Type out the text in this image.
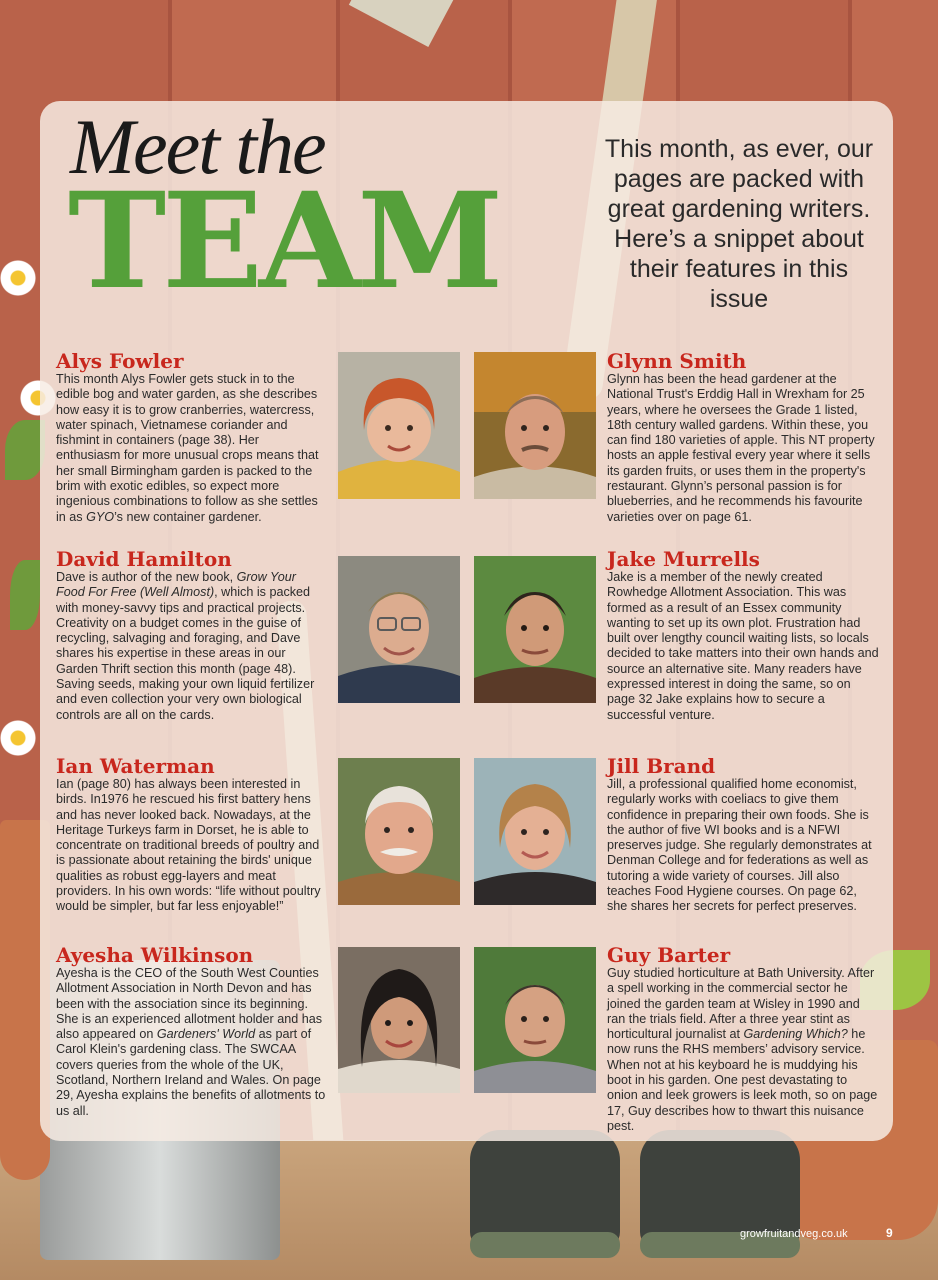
Meet the
TEAM
This month, as ever, our pages are packed with great gardening writers. Here’s a snippet about their features in this issue
Alys Fowler

This month Alys Fowler gets stuck in to the edible bog and water garden, as she describes how easy it is to grow cranberries, watercress, water spinach, Vietnamese coriander and fishmint in containers (page 38). Her enthusiasm for more unusual crops means that her small Birmingham garden is packed to the brim with exotic edibles, so expect more ingenious combinations to follow as she settles in as GYO’s new container gardener.

Glynn Smith

Glynn has been the head gardener at the National Trust's Erddig Hall in Wrexham for 25 years, where he oversees the Grade 1 listed, 18th century walled gardens. Within these, you can find 180 varieties of apple. This NT property hosts an apple festival every year where it sells its garden fruits, or uses them in the property's restaurant. Glynn’s personal passion is for blueberries, and he recommends his favourite varieties over on page 61.

David Hamilton

Dave is author of the new book, Grow Your Food For Free (Well Almost), which is packed with money-savvy tips and practical projects. Creativity on a budget comes in the guise of recycling, salvaging and foraging, and Dave shares his expertise in these areas in our Garden Thrift section this month (page 48). Saving seeds, making your own liquid fertilizer and even collection your very own biological controls are all on the cards.

Jake Murrells

Jake is a member of the newly created Rowhedge Allotment Association. This was formed as a result of an Essex community wanting to set up its own plot. Frustration had built over lengthy council waiting lists, so locals decided to take matters into their own hands and source an alternative site. Many readers have expressed interest in doing the same, so on page 32 Jake explains how to secure a successful venture.

Ian Waterman

Ian (page 80) has always been interested in birds. In1976 he rescued his first battery hens and has never looked back. Nowadays, at the Heritage Turkeys farm in Dorset, he is able to concentrate on traditional breeds of poultry and is passionate about retaining the birds' unique qualities as robust egg-layers and meat providers. In his own words: “life without poultry would be simpler, but far less enjoyable!”

Jill Brand

Jill, a professional qualified home economist, regularly works with coeliacs to give them confidence in preparing their own foods. She is the author of five WI books and is a NFWI preserves judge. She regularly demonstrates at Denman College and for federations as well as tutoring a wide variety of courses. Jill also teaches Food Hygiene courses. On page 62, she shares her secrets for perfect preserves.

Ayesha Wilkinson

Ayesha is the CEO of the South West Counties Allotment Association in North Devon and has been with the association since its beginning. She is an experienced allotment holder and has also appeared on Gardeners' World as part of Carol Klein's gardening class. The SWCAA covers queries from the whole of the UK, Scotland, Northern Ireland and Wales. On page 29, Ayesha explains the benefits of allotments to us all.

Guy Barter

Guy studied horticulture at Bath University. After a spell working in the commercial sector he joined the garden team at Wisley in 1990 and ran the trials field. After a three year stint as horticultural journalist at Gardening Which? he now runs the RHS members’ advisory service. When not at his keyboard he is muddying his boot in his garden. One pest devastating to onion and leek growers is leek moth, so on page 17, Guy describes how to thwart this nuisance pest.

growfruitandveg.co.uk	9
